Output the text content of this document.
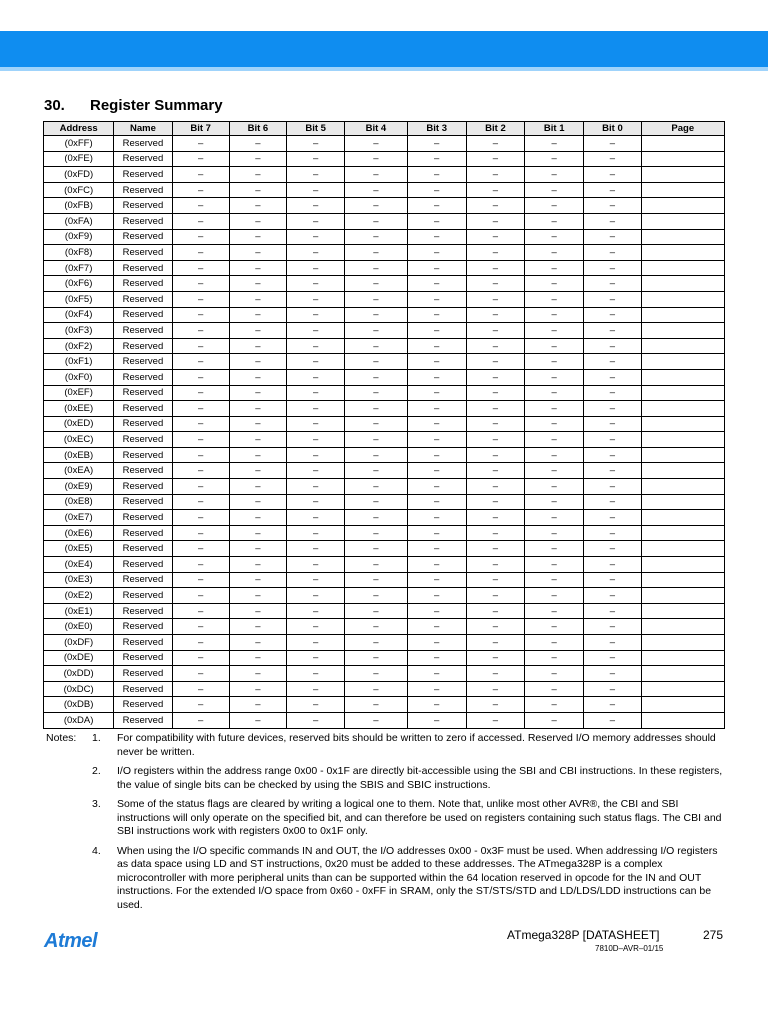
30. Register Summary
Address	Name	Bit 7	Bit 6	Bit 5	Bit 4	Bit 3	Bit 2	Bit 1	Bit 0	Page
(0xFF)	Reserved	–	–	–	–	–	–	–	–	
(0xFE)	Reserved	–	–	–	–	–	–	–	–	
(0xFD)	Reserved	–	–	–	–	–	–	–	–	
(0xFC)	Reserved	–	–	–	–	–	–	–	–	
(0xFB)	Reserved	–	–	–	–	–	–	–	–	
(0xFA)	Reserved	–	–	–	–	–	–	–	–	
(0xF9)	Reserved	–	–	–	–	–	–	–	–	
(0xF8)	Reserved	–	–	–	–	–	–	–	–	
(0xF7)	Reserved	–	–	–	–	–	–	–	–	
(0xF6)	Reserved	–	–	–	–	–	–	–	–	
(0xF5)	Reserved	–	–	–	–	–	–	–	–	
(0xF4)	Reserved	–	–	–	–	–	–	–	–	
(0xF3)	Reserved	–	–	–	–	–	–	–	–	
(0xF2)	Reserved	–	–	–	–	–	–	–	–	
(0xF1)	Reserved	–	–	–	–	–	–	–	–	
(0xF0)	Reserved	–	–	–	–	–	–	–	–	
(0xEF)	Reserved	–	–	–	–	–	–	–	–	
(0xEE)	Reserved	–	–	–	–	–	–	–	–	
(0xED)	Reserved	–	–	–	–	–	–	–	–	
(0xEC)	Reserved	–	–	–	–	–	–	–	–	
(0xEB)	Reserved	–	–	–	–	–	–	–	–	
(0xEA)	Reserved	–	–	–	–	–	–	–	–	
(0xE9)	Reserved	–	–	–	–	–	–	–	–	
(0xE8)	Reserved	–	–	–	–	–	–	–	–	
(0xE7)	Reserved	–	–	–	–	–	–	–	–	
(0xE6)	Reserved	–	–	–	–	–	–	–	–	
(0xE5)	Reserved	–	–	–	–	–	–	–	–	
(0xE4)	Reserved	–	–	–	–	–	–	–	–	
(0xE3)	Reserved	–	–	–	–	–	–	–	–	
(0xE2)	Reserved	–	–	–	–	–	–	–	–	
(0xE1)	Reserved	–	–	–	–	–	–	–	–	
(0xE0)	Reserved	–	–	–	–	–	–	–	–	
(0xDF)	Reserved	–	–	–	–	–	–	–	–	
(0xDE)	Reserved	–	–	–	–	–	–	–	–	
(0xDD)	Reserved	–	–	–	–	–	–	–	–	
(0xDC)	Reserved	–	–	–	–	–	–	–	–	
(0xDB)	Reserved	–	–	–	–	–	–	–	–	
(0xDA)	Reserved	–	–	–	–	–	–	–	–	
Notes: 1. For compatibility with future devices, reserved bits should be written to zero if accessed. Reserved I/O memory addresses should never be written.
2. I/O registers within the address range 0x00 - 0x1F are directly bit-accessible using the SBI and CBI instructions. In these registers, the value of single bits can be checked by using the SBIS and SBIC instructions.
3. Some of the status flags are cleared by writing a logical one to them. Note that, unlike most other AVR®, the CBI and SBI instructions will only operate on the specified bit, and can therefore be used on registers containing such status flags. The CBI and SBI instructions work with registers 0x00 to 0x1F only.
4. When using the I/O specific commands IN and OUT, the I/O addresses 0x00 - 0x3F must be used. When addressing I/O registers as data space using LD and ST instructions, 0x20 must be added to these addresses. The ATmega328P is a complex microcontroller with more peripheral units than can be supported within the 64 location reserved in opcode for the IN and OUT instructions. For the extended I/O space from 0x60 - 0xFF in SRAM, only the ST/STS/STD and LD/LDS/LDD instructions can be used.
Atmel	ATmega328P [DATASHEET]	275
7810D–AVR–01/15
